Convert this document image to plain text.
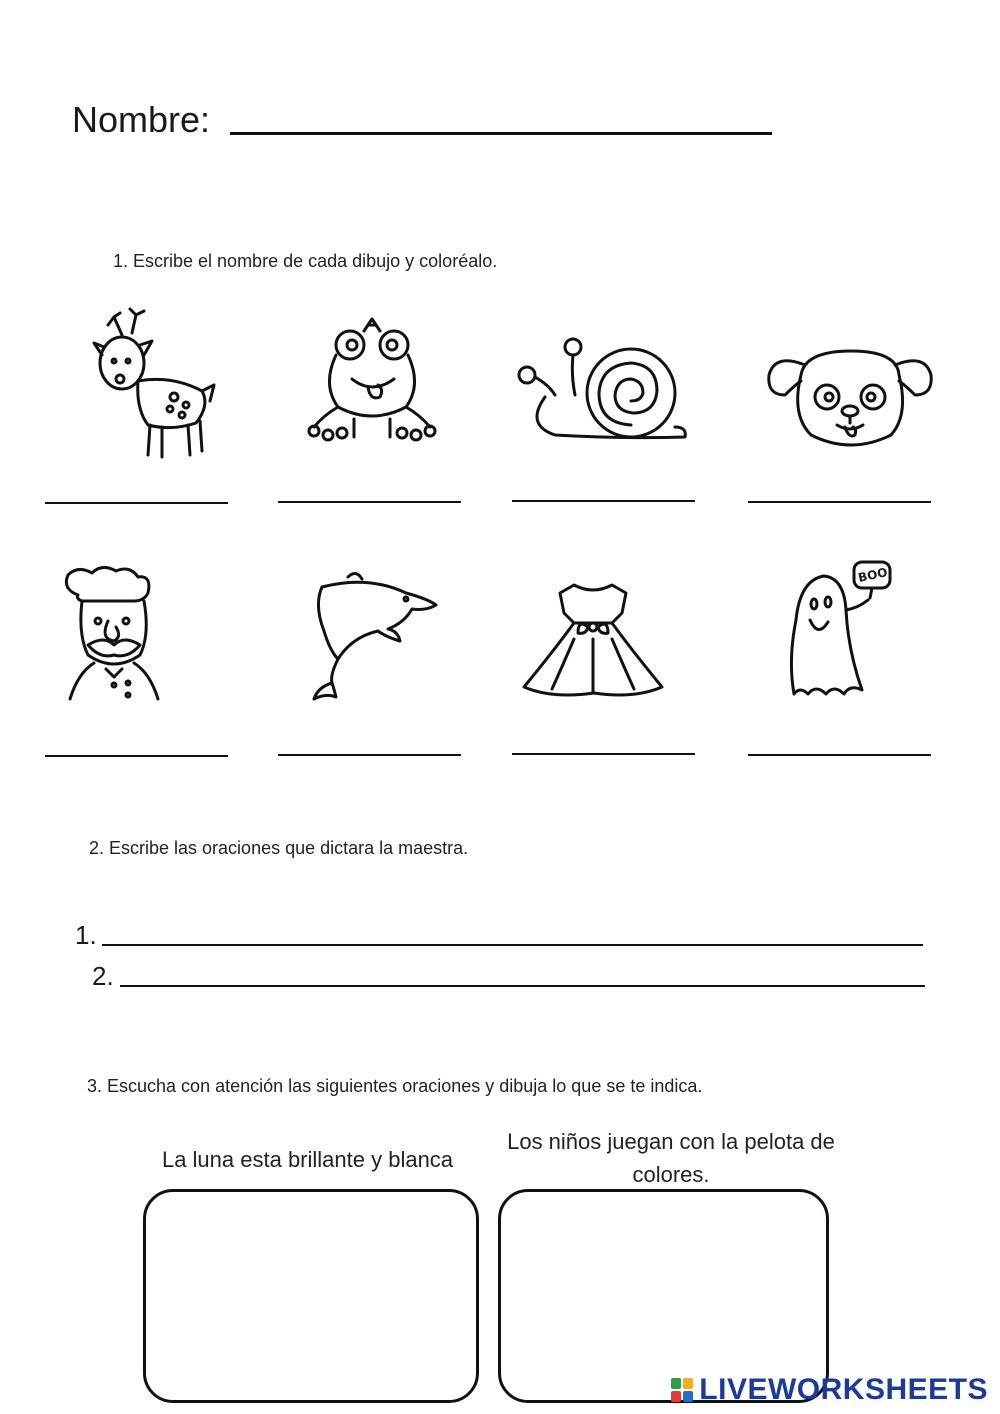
Nombre:
1. Escribe el nombre de cada dibujo y coloréalo.
BOO
2. Escribe las oraciones que dictara la maestra.
1.
2.
3. Escucha con atención las siguientes oraciones y dibuja lo que se te indica.
La luna esta brillante y blanca
Los niños juegan con la pelota de colores.
LIVEWORKSHEETS
